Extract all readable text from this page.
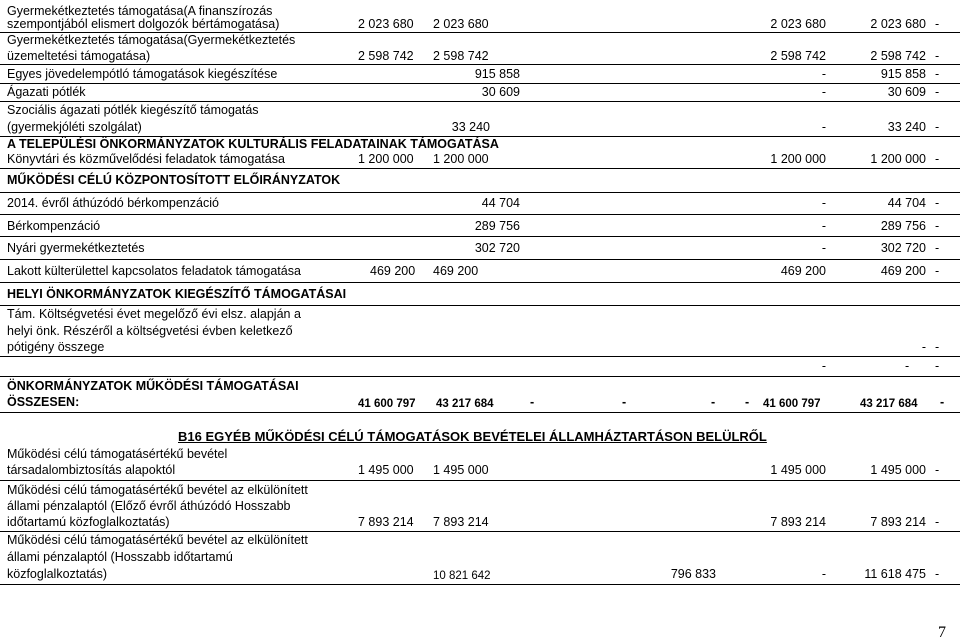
Gyermekétkeztetés támogatása(A finanszírozás
szempontjából elismert dolgozók bértámogatása)	2 023 680 2 023 680	2 023 680	2 023 680 -
Gyermekétkeztetés támogatása(Gyermekétkeztetés
üzemeltetési támogatása)	2 598 742 2 598 742	2 598 742	2 598 742 -
Egyes jövedelempótló támogatások kiegészítése	915 858	-	915 858 -
Ágazati pótlék	30 609	-	30 609 -
Szociális ágazati pótlék kiegészítő támogatás
(gyermekjóléti szolgálat)	33 240	-	33 240 -
A TELEPÜLÉSI ÖNKORMÁNYZATOK KULTURÁLIS FELADATAINAK TÁMOGATÁSA
Könyvtári és közművelődési feladatok támogatása	1 200 000 1 200 000	1 200 000	1 200 000 -
MŰKÖDÉSI CÉLÚ KÖZPONTOSÍTOTT ELŐIRÁNYZATOK
2014. évről áthúzódó bérkompenzáció	44 704	-	44 704 -
Bérkompenzáció	289 756	-	289 756 -
Nyári gyermekétkeztetés	302 720	-	302 720 -
Lakott külterülettel kapcsolatos feladatok támogatása	469 200 469 200	469 200	469 200 -
HELYI ÖNKORMÁNYZATOK KIEGÉSZÍTŐ TÁMOGATÁSAI
Tám. Költségvetési évet megelőző évi elsz. alapján a
helyi önk. Részéről a költségvetési évben keletkező
pótigény összege	- -
-	- -
ÖNKORMÁNYZATOK MŰKÖDÉSI TÁMOGATÁSAI
ÖSSZESEN:	41 600 797 43 217 684	-	-	- - 41 600 797	43 217 684 -
B16 EGYÉB MŰKÖDÉSI CÉLÚ TÁMOGATÁSOK BEVÉTELEI ÁLLAMHÁZTARTÁSON BELÜLRŐL
Működési célú támogatásértékű bevétel
társadalombiztosítás alapoktól	1 495 000 1 495 000	1 495 000	1 495 000 -
Működési célú támogatásértékű bevétel az elkülönített
állami pénzalaptól (Előző évről áthúzódó Hosszabb
időtartamú közfoglalkoztatás)	7 893 214 7 893 214	7 893 214	7 893 214 -
Működési célú támogatásértékű bevétel az elkülönített
állami pénzalaptól (Hosszabb időtartamú
közfoglalkoztatás)	10 821 642	796 833	-	11 618 475 -
7
